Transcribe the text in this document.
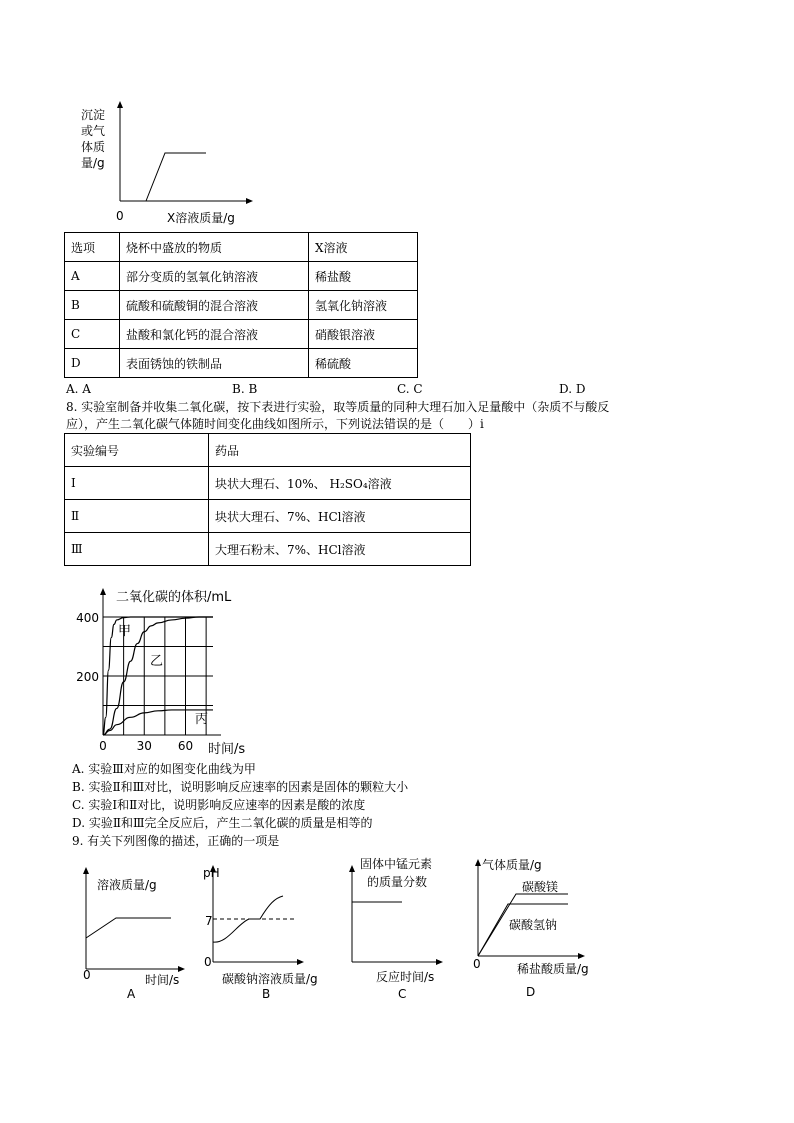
沉淀
或气
体质
量/g
0	X溶液质量/g
选项	烧杯中盛放的物质	X溶液
A	部分变质的氢氧化钠溶液	稀盐酸
B	硫酸和硫酸铜的混合溶液	氢氧化钠溶液
C	盐酸和氯化钙的混合溶液	硝酸银溶液
D	表面锈蚀的铁制品	稀硫酸
A. A	B. B	C. C	D. D
8. 实验室制备并收集二氧化碳，按下表进行实验，取等质量的同种大理石加入足量酸中（杂质不与酸反
应），产生二氧化碳气体随时间变化曲线如图所示，下列说法错误的是（　　）i
实验编号	药品
Ⅰ	块状大理石、10%、 H₂SO₄溶液
Ⅱ	块状大理石、7%、HCl溶液
Ⅲ	大理石粉末、7%、HCl溶液
甲
乙
丙
二氧化碳的体积/mL
200
400
0 30 60 时间/s
A. 实验Ⅲ对应的如图变化曲线为甲
B. 实验Ⅱ和Ⅲ对比，说明影响反应速率的因素是固体的颗粒大小
C. 实验Ⅰ和Ⅱ对比，说明影响反应速率的因素是酸的浓度
D. 实验Ⅱ和Ⅲ完全反应后，产生二氧化碳的质量是相等的
9. 有关下列图像的描述，正确的一项是
溶液质量/g
0	时间/s
A
pH
7
0
碳酸钠溶液质量/g
B
固体中锰元素
的质量分数
反应时间/s
C
气体质量/g
碳酸镁
碳酸氢钠
0	稀盐酸质量/g
D
